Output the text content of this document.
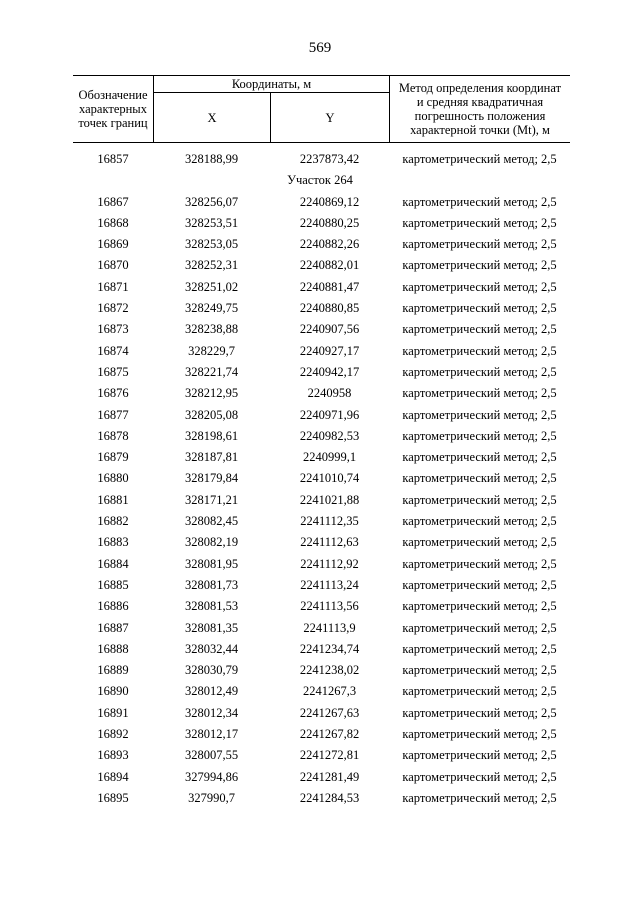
569
Обозначение
характерных
точек границ
Координаты, м
X	Y
Метод определения координат
и средняя квадратичная
погрешность положения
характерной точки (Mt), м
16857	328188,99	2237873,42	картометрический метод; 2,5
Участок 264
16867	328256,07	2240869,12	картометрический метод; 2,5
16868	328253,51	2240880,25	картометрический метод; 2,5
16869	328253,05	2240882,26	картометрический метод; 2,5
16870	328252,31	2240882,01	картометрический метод; 2,5
16871	328251,02	2240881,47	картометрический метод; 2,5
16872	328249,75	2240880,85	картометрический метод; 2,5
16873	328238,88	2240907,56	картометрический метод; 2,5
16874	328229,7	2240927,17	картометрический метод; 2,5
16875	328221,74	2240942,17	картометрический метод; 2,5
16876	328212,95	2240958	картометрический метод; 2,5
16877	328205,08	2240971,96	картометрический метод; 2,5
16878	328198,61	2240982,53	картометрический метод; 2,5
16879	328187,81	2240999,1	картометрический метод; 2,5
16880	328179,84	2241010,74	картометрический метод; 2,5
16881	328171,21	2241021,88	картометрический метод; 2,5
16882	328082,45	2241112,35	картометрический метод; 2,5
16883	328082,19	2241112,63	картометрический метод; 2,5
16884	328081,95	2241112,92	картометрический метод; 2,5
16885	328081,73	2241113,24	картометрический метод; 2,5
16886	328081,53	2241113,56	картометрический метод; 2,5
16887	328081,35	2241113,9	картометрический метод; 2,5
16888	328032,44	2241234,74	картометрический метод; 2,5
16889	328030,79	2241238,02	картометрический метод; 2,5
16890	328012,49	2241267,3	картометрический метод; 2,5
16891	328012,34	2241267,63	картометрический метод; 2,5
16892	328012,17	2241267,82	картометрический метод; 2,5
16893	328007,55	2241272,81	картометрический метод; 2,5
16894	327994,86	2241281,49	картометрический метод; 2,5
16895	327990,7	2241284,53	картометрический метод; 2,5
